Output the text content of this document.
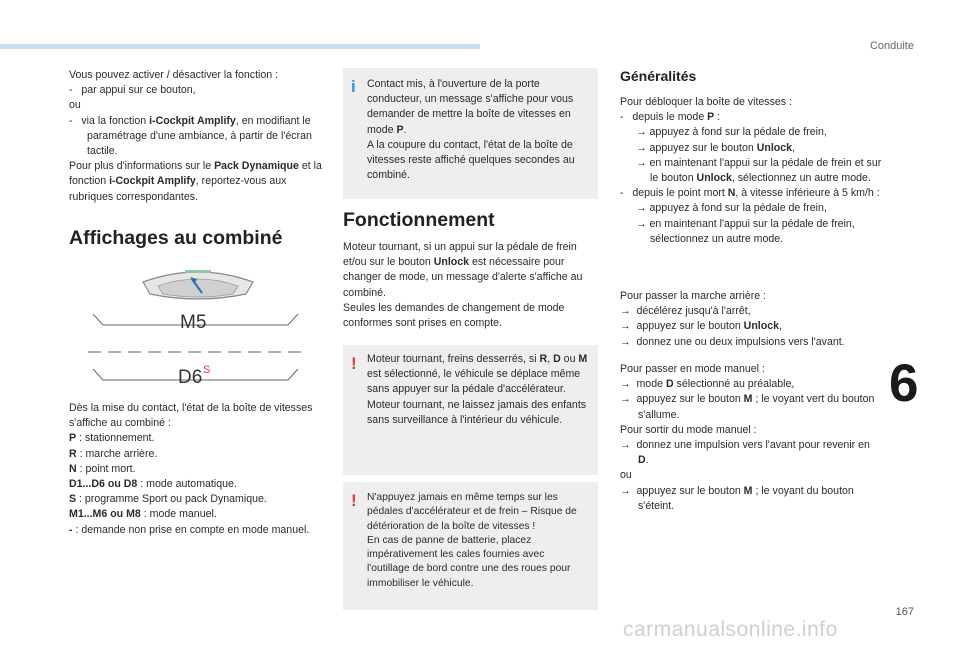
Conduite

Vous pouvez activer / désactiver la fonction :

-   par appui sur ce bouton,

ou

-   via la fonction i-Cockpit Amplify, en modifiant le paramétrage d'une ambiance, à partir de l'écran tactile.

Pour plus d'informations sur le Pack Dynamique et la fonction i-Cockpit Amplify, reportez-vous aux rubriques correspondantes.

Affichages au combiné
M5
D6 S

Dès la mise du contact, l'état de la boîte de vitesses s'affiche au combiné :

P : stationnement.

R : marche arrière.

N : point mort.

D1...D6 ou D8 : mode automatique.

S : programme Sport ou pack Dynamique.

M1...M6 ou M8 : mode manuel.

- : demande non prise en compte en mode manuel.

i Contact mis, à l'ouverture de la porte conducteur, un message s'affiche pour vous demander de mettre la boîte de vitesses en mode P.

A la coupure du contact, l'état de la boîte de vitesses reste affiché quelques secondes au combiné.

Fonctionnement

Moteur tournant, si un appui sur la pédale de frein et/ou sur le bouton Unlock est nécessaire pour changer de mode, un message d'alerte s'affiche au combiné.

Seules les demandes de changement de mode conformes sont prises en compte.

! Moteur tournant, freins desserrés, si R, D ou M est sélectionné, le véhicule se déplace même sans appuyer sur la pédale d'accélérateur.

Moteur tournant, ne laissez jamais des enfants sans surveillance à l'intérieur du véhicule.

! N'appuyez jamais en même temps sur les pédales d'accélérateur et de frein – Risque de détérioration de la boîte de vitesses !

En cas de panne de batterie, placez impérativement les cales fournies avec l'outillage de bord contre une des roues pour immobiliser le véhicule.

Généralités

Pour débloquer la boîte de vitesses :

-   depuis le mode P :

→ appuyez à fond sur la pédale de frein,

→ appuyez sur le bouton Unlock,

→ en maintenant l'appui sur la pédale de frein et sur le bouton Unlock, sélectionnez un autre mode.

-   depuis le point mort N, à vitesse inférieure à 5 km/h :

→ appuyez à fond sur la pédale de frein,

→ en maintenant l'appui sur la pédale de frein, sélectionnez un autre mode.

Pour passer la marche arrière :

→  décélérez jusqu'à l'arrêt,

→  appuyez sur le bouton Unlock,

→  donnez une ou deux impulsions vers l'avant.

Pour passer en mode manuel :

→  mode D sélectionné au préalable,

→  appuyez sur le bouton M ; le voyant vert du bouton s'allume.

Pour sortir du mode manuel :

→  donnez une impulsion vers l'avant pour revenir en D.

ou

→  appuyez sur le bouton M ; le voyant du bouton s'éteint.

6
167
carmanualsonline.info
